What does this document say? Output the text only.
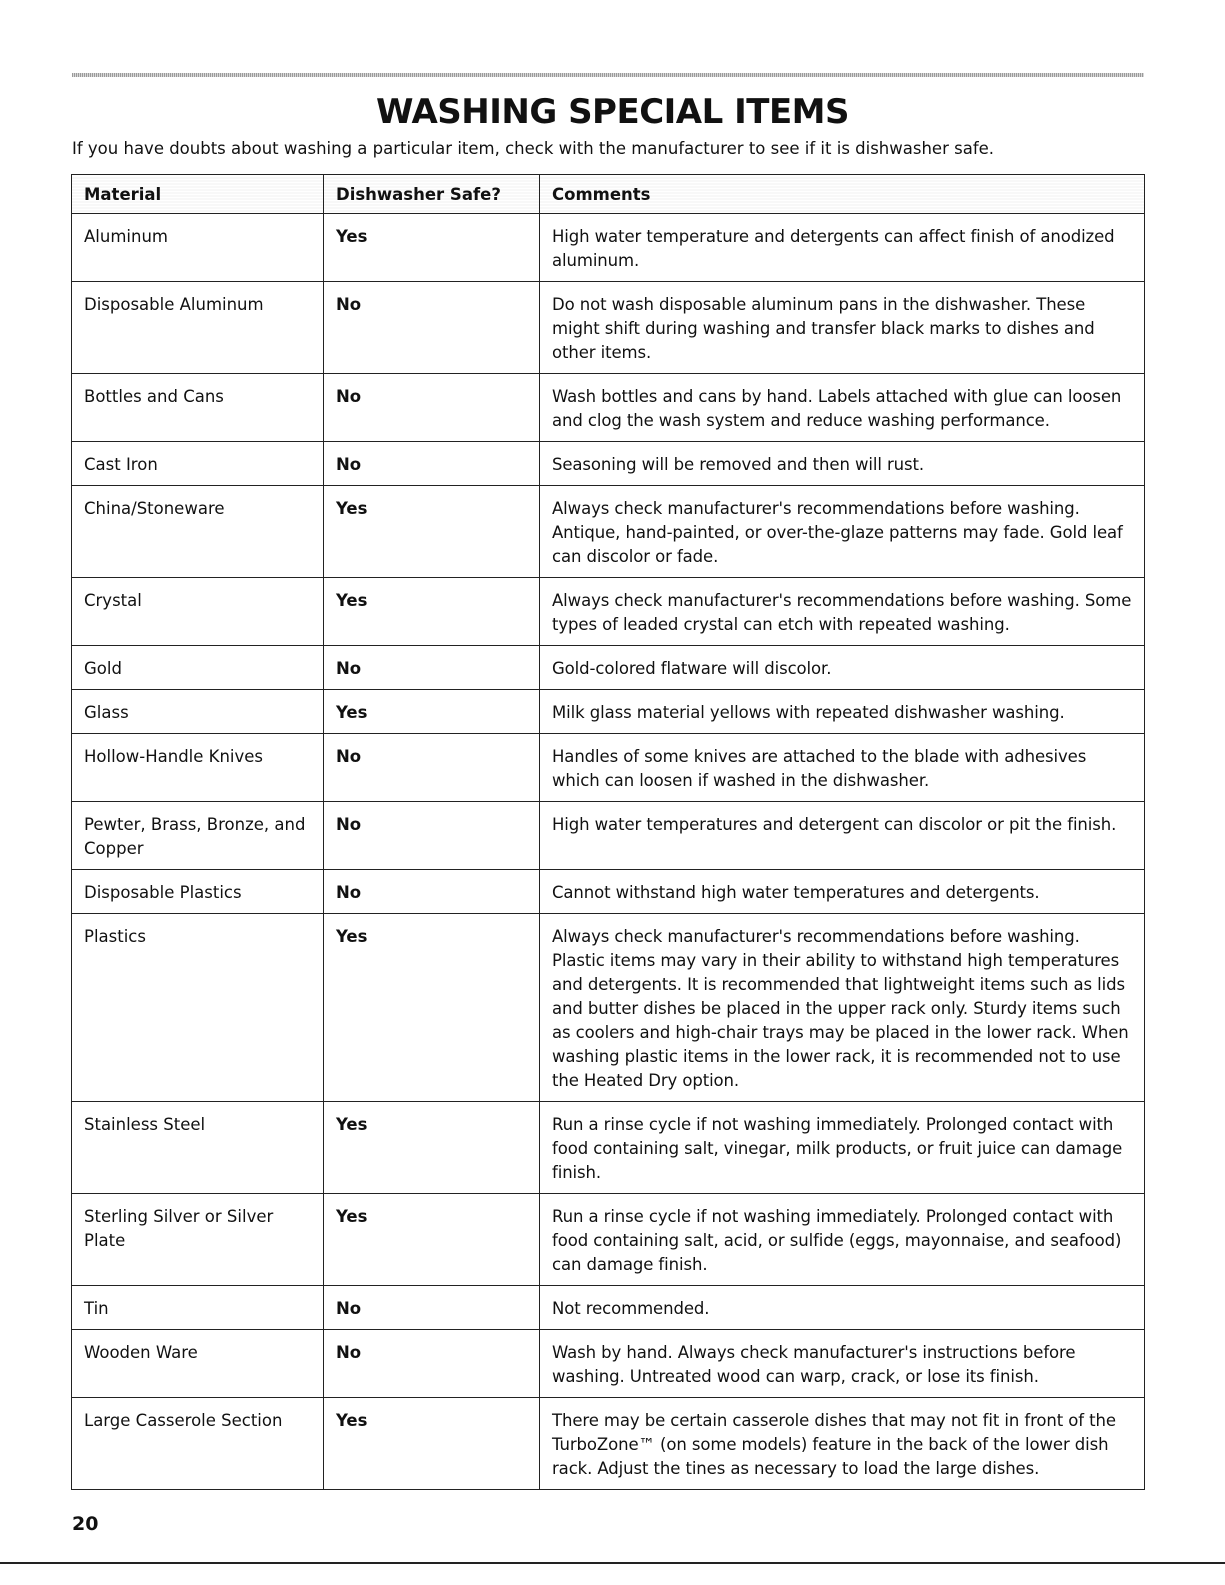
WASHING SPECIAL ITEMS

If you have doubts about washing a particular item, check with the manufacturer to see if it is dishwasher safe.

Material	Dishwasher Safe?	Comments
Aluminum	Yes	High water temperature and detergents can affect finish of anodized aluminum.
Disposable Aluminum	No	Do not wash disposable aluminum pans in the dishwasher. These might shift during washing and transfer black marks to dishes and other items.
Bottles and Cans	No	Wash bottles and cans by hand. Labels attached with glue can loosen and clog the wash system and reduce washing performance.
Cast Iron	No	Seasoning will be removed and then will rust.
China/Stoneware	Yes	Always check manufacturer's recommendations before washing. Antique, hand-painted, or over-the-glaze patterns may fade. Gold leaf can discolor or fade.
Crystal	Yes	Always check manufacturer's recommendations before washing. Some types of leaded crystal can etch with repeated washing.
Gold	No	Gold-colored flatware will discolor.
Glass	Yes	Milk glass material yellows with repeated dishwasher washing.
Hollow-Handle Knives	No	Handles of some knives are attached to the blade with adhesives which can loosen if washed in the dishwasher.
Pewter, Brass, Bronze, and Copper	No	High water temperatures and detergent can discolor or pit the finish.
Disposable Plastics	No	Cannot withstand high water temperatures and detergents.
Plastics	Yes	Always check manufacturer's recommendations before washing. Plastic items may vary in their ability to withstand high temperatures and detergents. It is recommended that lightweight items such as lids and butter dishes be placed in the upper rack only. Sturdy items such as coolers and high-chair trays may be placed in the lower rack. When washing plastic items in the lower rack, it is recommended not to use the Heated Dry option.
Stainless Steel	Yes	Run a rinse cycle if not washing immediately. Prolonged contact with food containing salt, vinegar, milk products, or fruit juice can damage finish.
Sterling Silver or Silver Plate	Yes	Run a rinse cycle if not washing immediately. Prolonged contact with food containing salt, acid, or sulfide (eggs, mayonnaise, and seafood) can damage finish.
Tin	No	Not recommended.
Wooden Ware	No	Wash by hand. Always check manufacturer's instructions before washing. Untreated wood can warp, crack, or lose its finish.
Large Casserole Section	Yes	There may be certain casserole dishes that may not fit in front of the TurboZone™ (on some models) feature in the back of the lower dish rack. Adjust the tines as necessary to load the large dishes.

20
